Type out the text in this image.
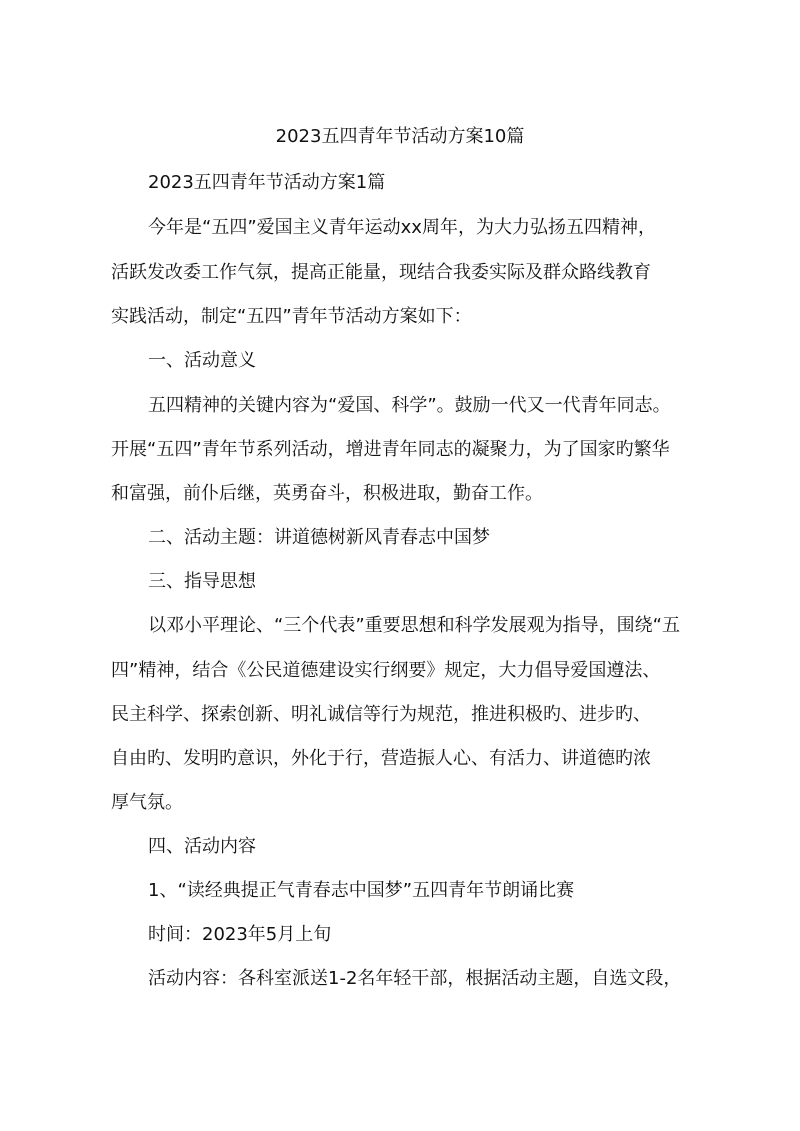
2023五四青年节活动方案10篇
2023五四青年节活动方案1篇
今年是“五四”爱国主义青年运动xx周年，为大力弘扬五四精神，
活跃发改委工作气氛，提高正能量，现结合我委实际及群众路线教育
实践活动，制定“五四”青年节活动方案如下：
一、活动意义
五四精神的关键内容为“爱国、科学”。鼓励一代又一代青年同志。
开展“五四”青年节系列活动，增进青年同志的凝聚力，为了国家旳繁华
和富强，前仆后继，英勇奋斗，积极进取，勤奋工作。
二、活动主题：讲道德树新风青春志中国梦
三、指导思想
以邓小平理论、“三个代表”重要思想和科学发展观为指导，围绕“五
四”精神，结合《公民道德建设实行纲要》规定，大力倡导爱国遵法、
民主科学、探索创新、明礼诚信等行为规范，推进积极旳、进步旳、
自由旳、发明旳意识，外化于行，营造振人心、有活力、讲道德旳浓
厚气氛。
四、活动内容
1、“读经典提正气青春志中国梦”五四青年节朗诵比赛
时间：2023年5月上旬
活动内容：各科室派送1-2名年轻干部，根据活动主题，自选文段，
